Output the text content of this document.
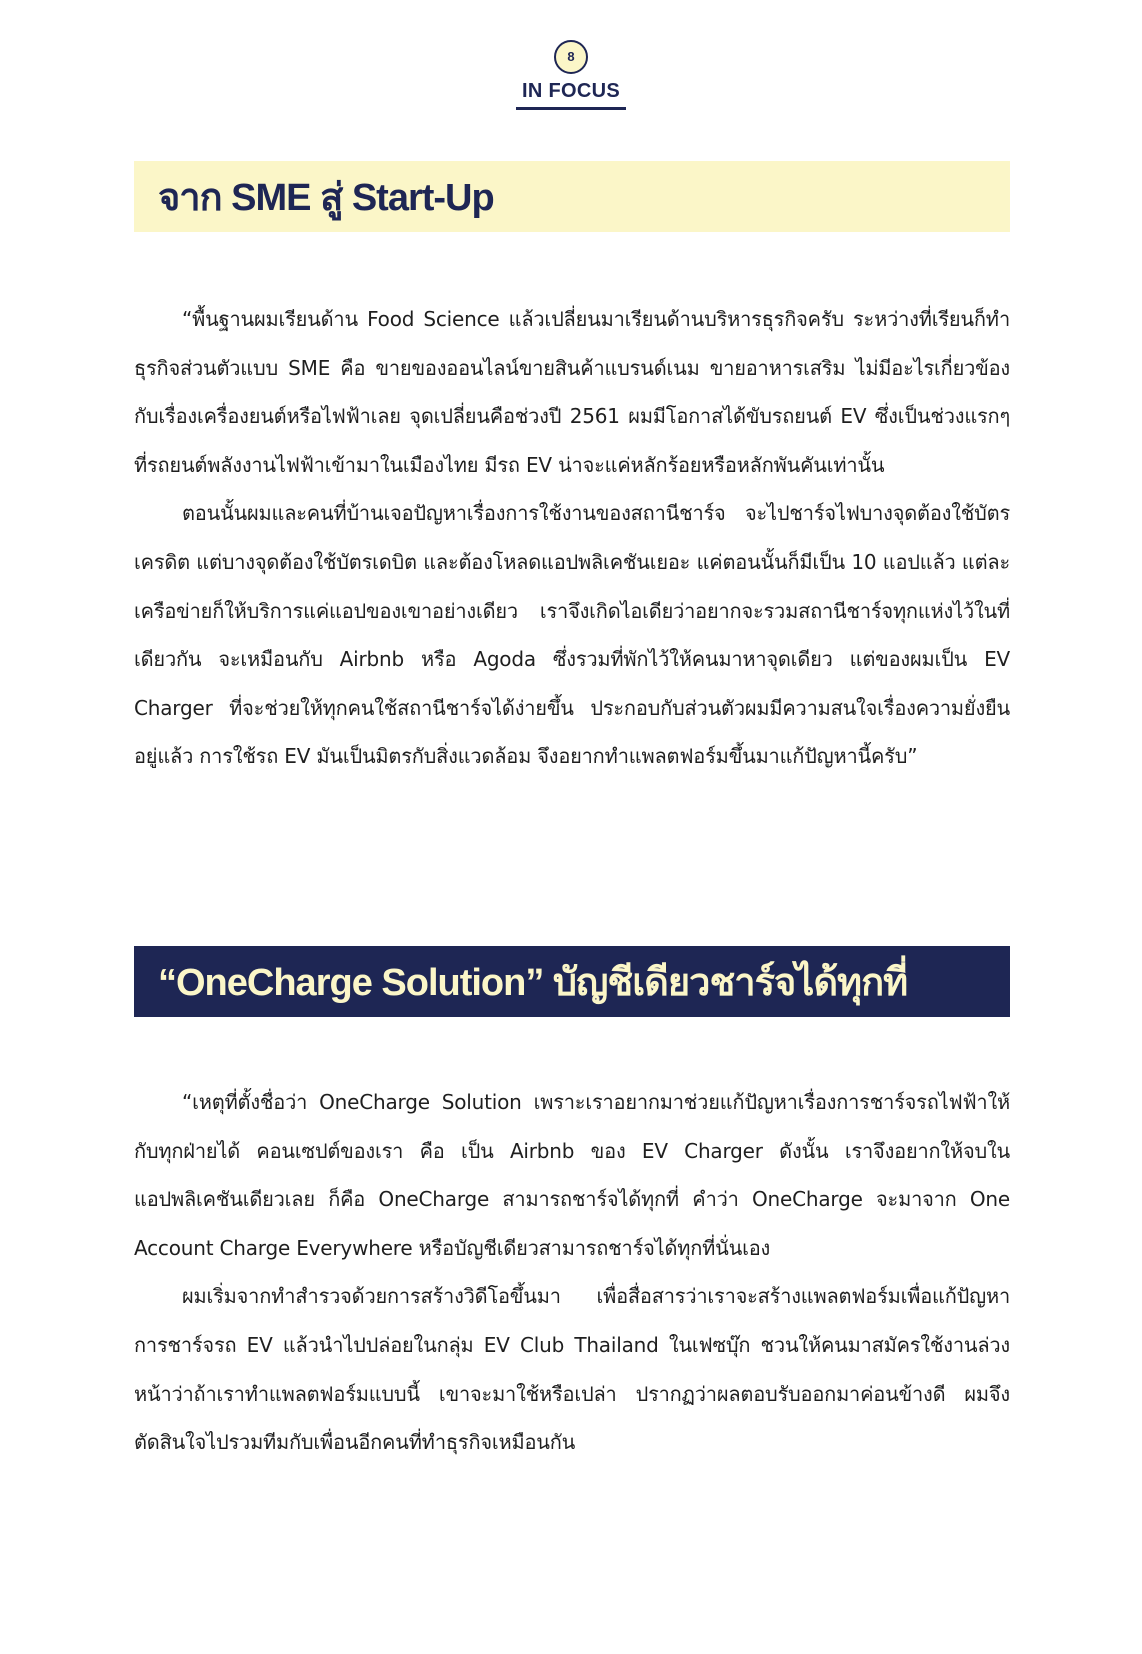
8
IN FOCUS
จาก SME สู่ Start-Up

“พื้นฐานผมเรียนด้าน Food Science แล้วเปลี่ยนมาเรียนด้านบริหารธุรกิจครับ ระหว่างที่เรียนก็ทำธุรกิจส่วนตัวแบบ SME คือ ขายของออนไลน์ขายสินค้าแบรนด์เนม ขายอาหารเสริม ไม่มีอะไรเกี่ยวข้องกับเรื่องเครื่องยนต์หรือไฟฟ้าเลย จุดเปลี่ยนคือช่วงปี 2561 ผมมีโอกาสได้ขับรถยนต์ EV ซึ่งเป็นช่วงแรกๆ ที่รถยนต์พลังงานไฟฟ้าเข้ามาในเมืองไทย มีรถ EV น่าจะแค่หลักร้อยหรือหลักพันคันเท่านั้น

ตอนนั้นผมและคนที่บ้านเจอปัญหาเรื่องการใช้งานของสถานีชาร์จ จะไปชาร์จไฟบางจุดต้องใช้บัตรเครดิต แต่บางจุดต้องใช้บัตรเดบิต และต้องโหลดแอปพลิเคชันเยอะ แค่ตอนนั้นก็มีเป็น 10 แอปแล้ว แต่ละเครือข่ายก็ให้บริการแค่แอปของเขาอย่างเดียว เราจึงเกิดไอเดียว่าอยากจะรวมสถานีชาร์จทุกแห่งไว้ในที่เดียวกัน จะเหมือนกับ Airbnb หรือ Agoda ซึ่งรวมที่พักไว้ให้คนมาหาจุดเดียว แต่ของผมเป็น EV Charger ที่จะช่วยให้ทุกคนใช้สถานีชาร์จได้ง่ายขึ้น ประกอบกับส่วนตัวผมมีความสนใจเรื่องความยั่งยืนอยู่แล้ว การใช้รถ EV มันเป็นมิตรกับสิ่งแวดล้อม จึงอยากทำแพลตฟอร์มขึ้นมาแก้ปัญหานี้ครับ”

“OneCharge Solution” บัญชีเดียวชาร์จได้ทุกที่

“เหตุที่ตั้งชื่อว่า OneCharge Solution เพราะเราอยากมาช่วยแก้ปัญหาเรื่องการชาร์จรถไฟฟ้าให้กับทุกฝ่ายได้ คอนเซปต์ของเรา คือ เป็น Airbnb ของ EV Charger ดังนั้น เราจึงอยากให้จบในแอปพลิเคชันเดียวเลย ก็คือ OneCharge สามารถชาร์จได้ทุกที่ คำว่า OneCharge จะมาจาก One Account Charge Everywhere หรือบัญชีเดียวสามารถชาร์จได้ทุกที่นั่นเอง

ผมเริ่มจากทำสำรวจด้วยการสร้างวิดีโอขึ้นมา เพื่อสื่อสารว่าเราจะสร้างแพลตฟอร์มเพื่อแก้ปัญหาการชาร์จรถ EV แล้วนำไปปล่อยในกลุ่ม EV Club Thailand ในเฟซบุ๊ก ชวนให้คนมาสมัครใช้งานล่วงหน้าว่าถ้าเราทำแพลตฟอร์มแบบนี้ เขาจะมาใช้หรือเปล่า ปรากฏว่าผลตอบรับออกมาค่อนข้างดี ผมจึงตัดสินใจไปรวมทีมกับเพื่อนอีกคนที่ทำธุรกิจเหมือนกัน
